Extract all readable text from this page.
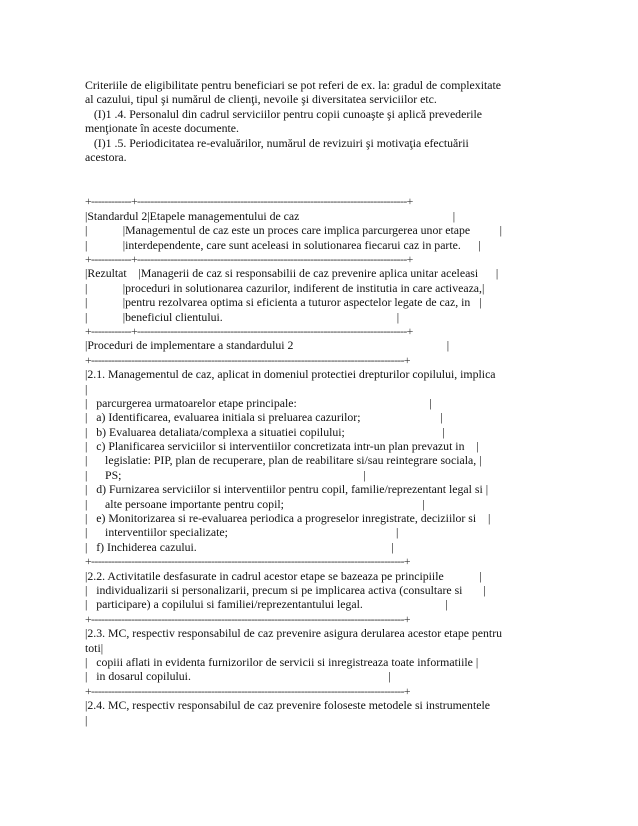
Criteriile de eligibilitate pentru beneficiari se pot referi de ex. la: gradul de complexitate

al cazului, tipul şi numărul de clienţi, nevoile şi diversitatea serviciilor etc.

(I)1 .4. Personalul din cadrul serviciilor pentru copii cunoaşte şi aplică prevederile

menţionate în aceste documente.

(I)1 .5. Periodicitatea re-evaluărilor, numărul de revizuiri şi motivaţia efectuării

acestora.

+------------+---------------------------------------------------------------------------------+
|Standardul 2|Etapele managementului de caz                                                    |
|            |Managementul de caz este un proces care implica parcurgerea unor etape          |
|            |interdependente, care sunt aceleasi in solutionarea fiecarui caz in parte.      |
+------------+---------------------------------------------------------------------------------+
|Rezultat    |Managerii de caz si responsabilii de caz prevenire aplica unitar aceleasi      |
|            |proceduri in solutionarea cazurilor, indiferent de institutia in care activeaza,|
|            |pentru rezolvarea optima si eficienta a tuturor aspectelor legate de caz, in   |
|            |beneficiul clientului.                                                           |
+------------+---------------------------------------------------------------------------------+
|Proceduri de implementare a standardului 2                                                    |
+----------------------------------------------------------------------------------------------+
|2.1. Managementul de caz, aplicat in domeniul protectiei drepturilor copilului, implica
|
|   parcurgerea urmatoarelor etape principale:                                             |
|   a) Identificarea, evaluarea initiala si preluarea cazurilor;                           |
|   b) Evaluarea detaliata/complexa a situatiei copilului;                                 |
|   c) Planificarea serviciilor si interventiilor concretizata intr-un plan prevazut in    |
|      legislatie: PIP, plan de recuperare, plan de reabilitare si/sau reintegrare sociala, |
|      PS;                                                                                  |
|   d) Furnizarea serviciilor si interventiilor pentru copil, familie/reprezentant legal si |
|      alte persoane importante pentru copil;                                               |
|   e) Monitorizarea si re-evaluarea periodica a progreselor inregistrate, deciziilor si    |
|      interventiilor specializate;                                                         |
|   f) Inchiderea cazului.                                                                  |
+----------------------------------------------------------------------------------------------+
|2.2. Activitatile desfasurate in cadrul acestor etape se bazeaza pe principiile            |
|   individualizarii si personalizarii, precum si pe implicarea activa (consultare si       |
|   participare) a copilului si familiei/reprezentantului legal.                            |
+----------------------------------------------------------------------------------------------+
|2.3. MC, respectiv responsabilul de caz prevenire asigura derularea acestor etape pentru
toti|
|   copiii aflati in evidenta furnizorilor de servicii si inregistreaza toate informatiile |
|   in dosarul copilului.                                                                   |
+----------------------------------------------------------------------------------------------+
|2.4. MC, respectiv responsabilul de caz prevenire foloseste metodele si instrumentele
|
